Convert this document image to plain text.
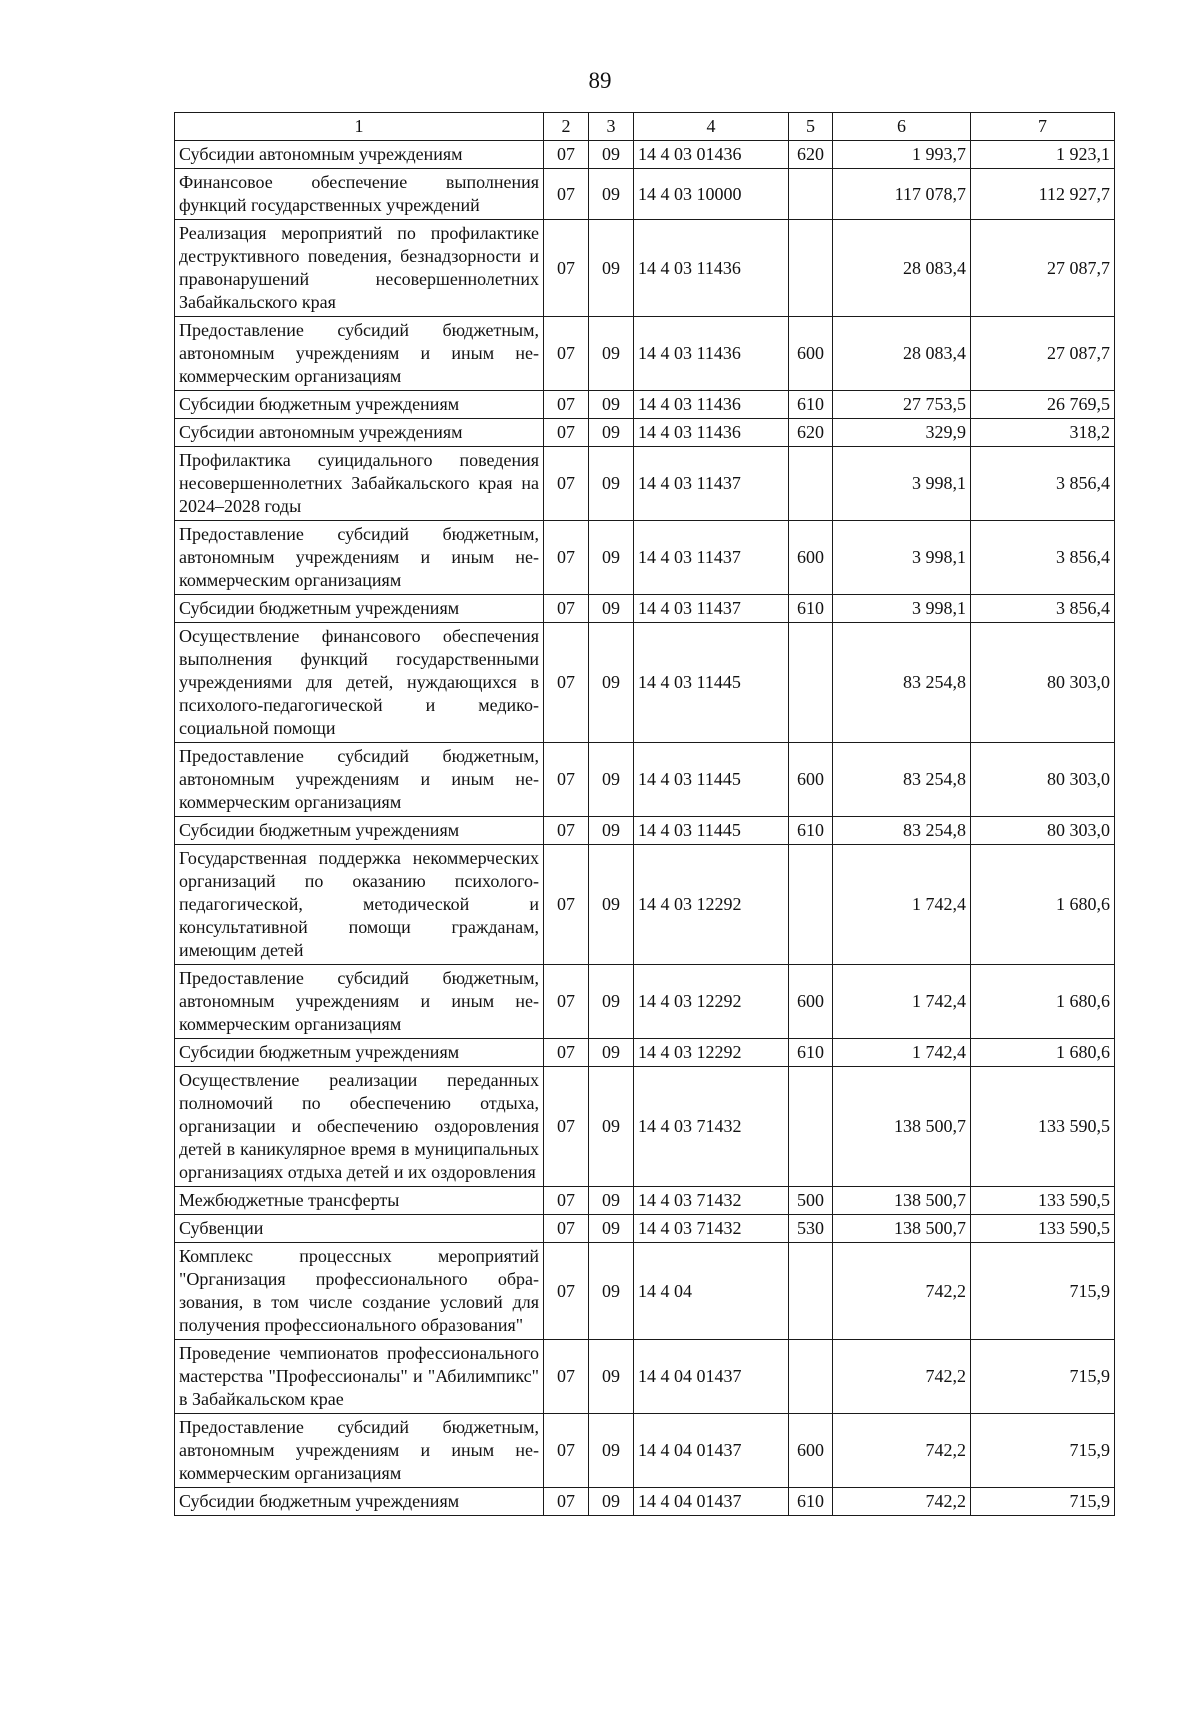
89
1	2	3	4	5	6	7
Субсидии автономным учреждениям	07	09	14 4 03 01436	620	1 993,7	1 923,1
Финансовое обеспечение выполнения функций государственных учреждений	07	09	14 4 03 10000		117 078,7	112 927,7
Реализация мероприятий по профилактике деструктивного поведения, безнадзорности и правонарушений несовершеннолетних Забайкальского края	07	09	14 4 03 11436		28 083,4	27 087,7
Предоставление субсидий бюджетным, автономным учреждениям и иным некоммерческим организациям	07	09	14 4 03 11436	600	28 083,4	27 087,7
Субсидии бюджетным учреждениям	07	09	14 4 03 11436	610	27 753,5	26 769,5
Субсидии автономным учреждениям	07	09	14 4 03 11436	620	329,9	318,2
Профилактика суицидального поведения несовершеннолетних Забайкальского края на 2024–2028 годы	07	09	14 4 03 11437		3 998,1	3 856,4
Предоставление субсидий бюджетным, автономным учреждениям и иным некоммерческим организациям	07	09	14 4 03 11437	600	3 998,1	3 856,4
Субсидии бюджетным учреждениям	07	09	14 4 03 11437	610	3 998,1	3 856,4
Осуществление финансового обеспечения выполнения функций государственными учреждениями для детей, нуждающихся в психолого-педагогической и медико-социальной помощи	07	09	14 4 03 11445		83 254,8	80 303,0
Предоставление субсидий бюджетным, автономным учреждениям и иным некоммерческим организациям	07	09	14 4 03 11445	600	83 254,8	80 303,0
Субсидии бюджетным учреждениям	07	09	14 4 03 11445	610	83 254,8	80 303,0
Государственная поддержка некоммерческих организаций по оказанию психолого-педагогической, методической и консультативной помощи гражданам, имеющим детей	07	09	14 4 03 12292		1 742,4	1 680,6
Предоставление субсидий бюджетным, автономным учреждениям и иным некоммерческим организациям	07	09	14 4 03 12292	600	1 742,4	1 680,6
Субсидии бюджетным учреждениям	07	09	14 4 03 12292	610	1 742,4	1 680,6
Осуществление реализации переданных полномочий по обеспечению отдыха, организации и обеспечению оздоровления детей в каникулярное время в муниципальных организациях отдыха детей и их оздоровления	07	09	14 4 03 71432		138 500,7	133 590,5
Межбюджетные трансферты	07	09	14 4 03 71432	500	138 500,7	133 590,5
Субвенции	07	09	14 4 03 71432	530	138 500,7	133 590,5
Комплекс процессных мероприятий "Организация профессионального образования, в том числе создание условий для получения профессионального образования"	07	09	14 4 04		742,2	715,9
Проведение чемпионатов профессионального мастерства "Профессионалы" и "Абилимпикс" в Забайкальском крае	07	09	14 4 04 01437		742,2	715,9
Предоставление субсидий бюджетным, автономным учреждениям и иным некоммерческим организациям	07	09	14 4 04 01437	600	742,2	715,9
Субсидии бюджетным учреждениям	07	09	14 4 04 01437	610	742,2	715,9
